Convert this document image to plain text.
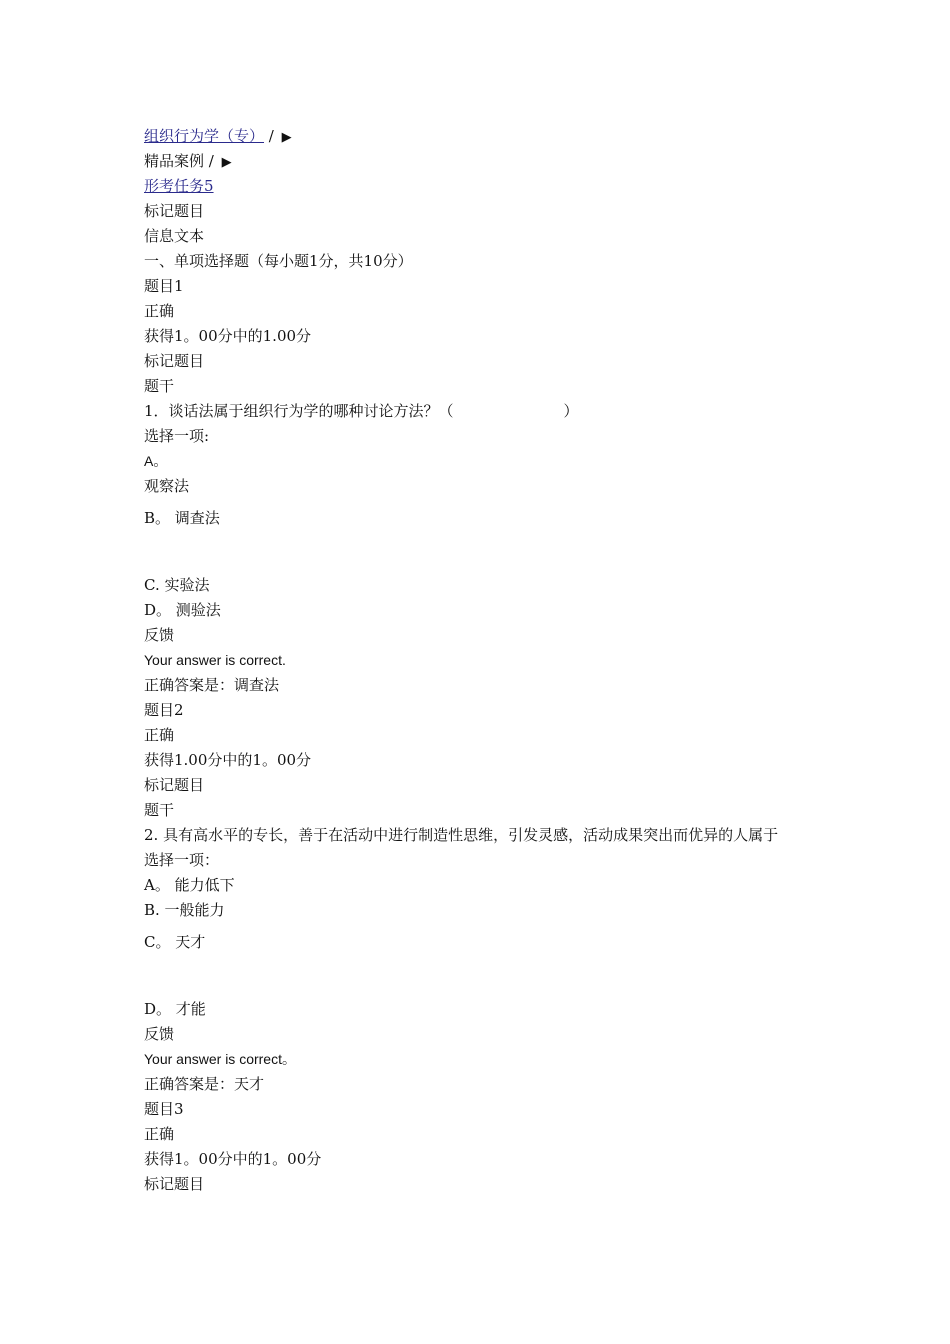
组织行为学（专） / ▶
精品案例 / ▶
形考任务5
标记题目
信息文本
一、单项选择题（每小题1分，共10分）
题目1
正确
获得1。00分中的1.00分
标记题目
题干
1．谈话法属于组织行为学的哪种讨论方法？（	）
选择一项:
A。
观察法
B。 调查法
C. 实验法
D。 测验法
反馈
Your answer is correct.
正确答案是：调查法
题目2
正确
获得1.00分中的1。00分
标记题目
题干
2. 具有高水平的专长，善于在活动中进行制造性思维，引发灵感，活动成果突出而优异的人属于
选择一项：
A。 能力低下
B. 一般能力
C。 天才
D。 才能
反馈
Your answer is correct。
正确答案是：天才
题目3
正确
获得1。00分中的1。00分
标记题目
